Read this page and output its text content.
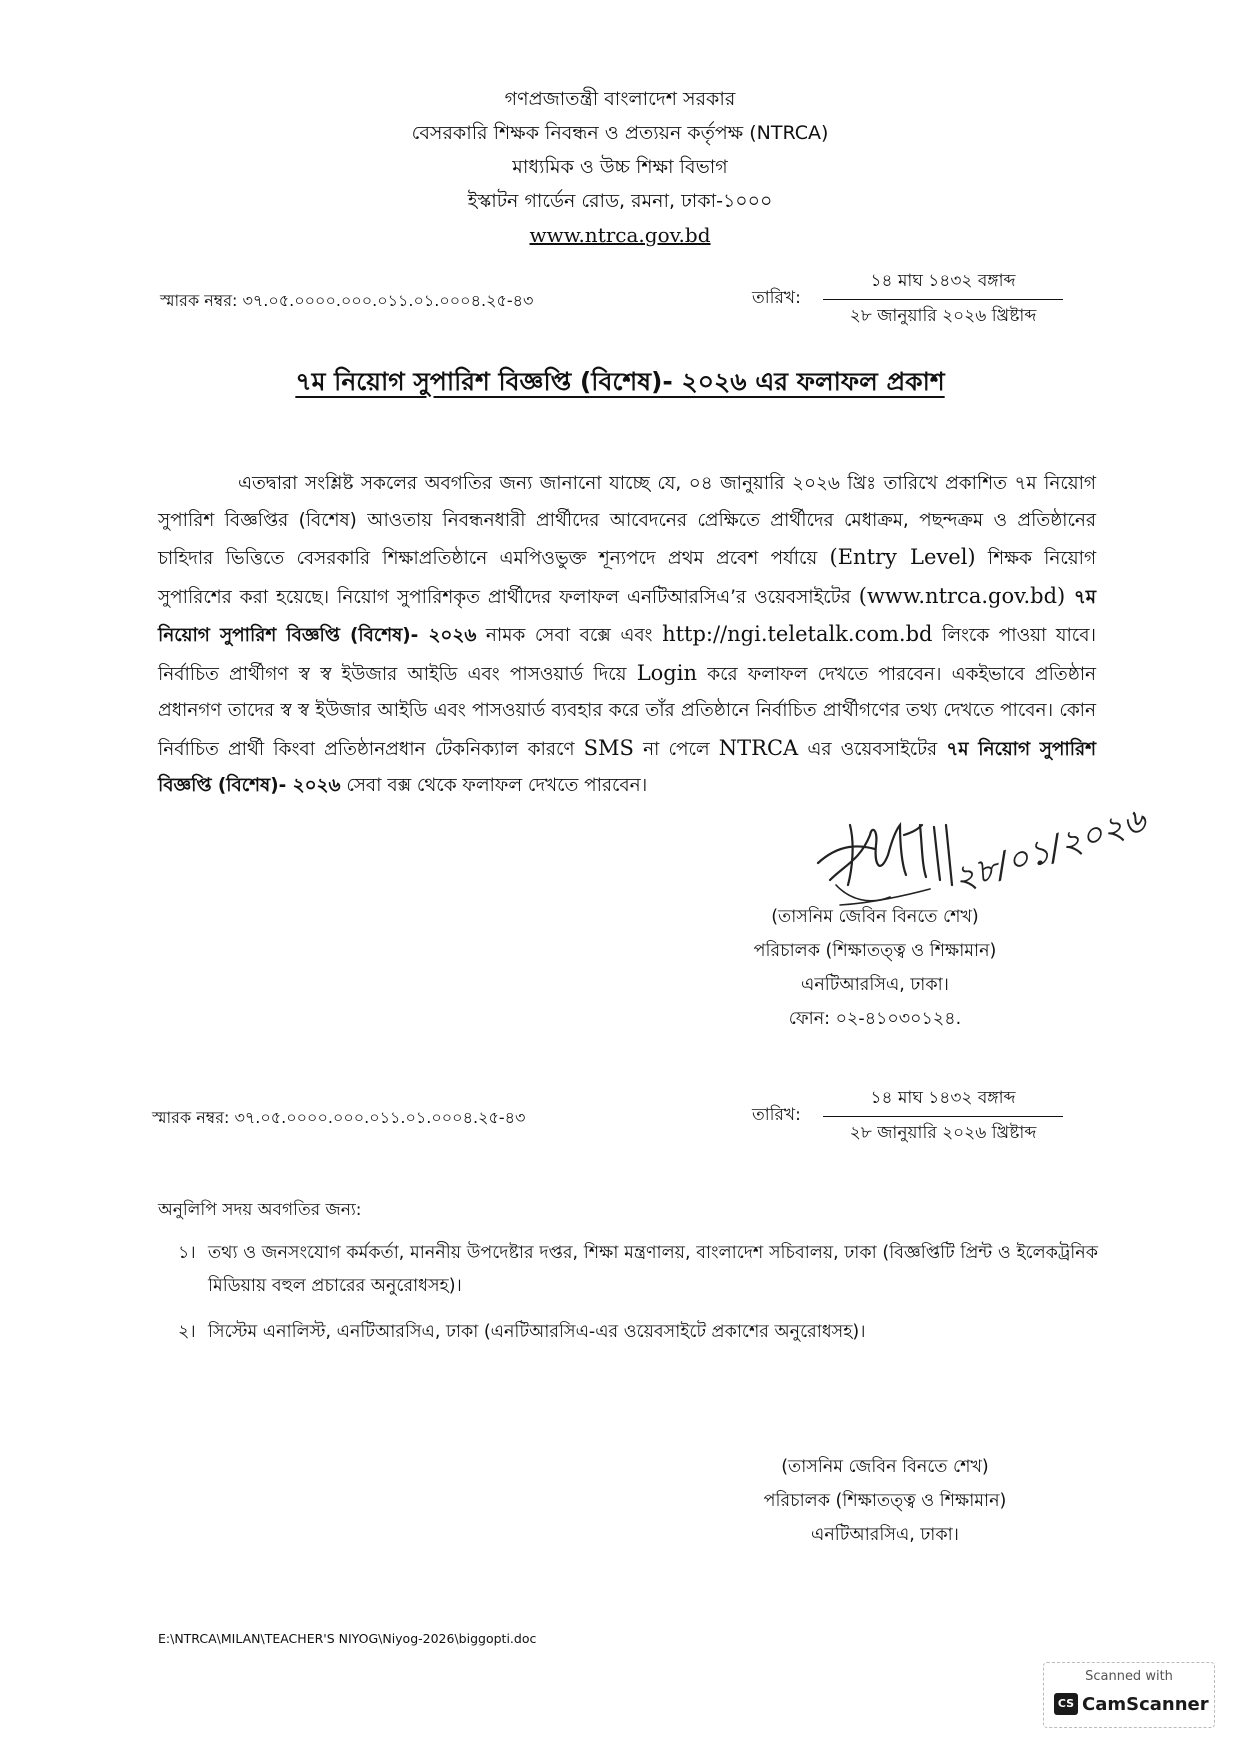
গণপ্রজাতন্ত্রী বাংলাদেশ সরকার
বেসরকারি শিক্ষক নিবন্ধন ও প্রত্যয়ন কর্তৃপক্ষ (NTRCA)
মাধ্যমিক ও উচ্চ শিক্ষা বিভাগ
ইস্কাটন গার্ডেন রোড, রমনা, ঢাকা-১০০০
www.ntrca.gov.bd
স্মারক নম্বর: ৩৭.০৫.০০০০.০০০.০১১.০১.০০০৪.২৫-৪৩	তারিখ:
১৪ মাঘ ১৪৩২ বঙ্গাব্দ
২৮ জানুয়ারি ২০২৬ খ্রিষ্টাব্দ
৭ম নিয়োগ সুপারিশ বিজ্ঞপ্তি (বিশেষ)- ২০২৬ এর ফলাফল প্রকাশ
এতদ্বারা সংশ্লিষ্ট সকলের অবগতির জন্য জানানো যাচ্ছে যে, ০৪ জানুয়ারি ২০২৬ খ্রিঃ তারিখে প্রকাশিত ৭ম নিয়োগ সুপারিশ বিজ্ঞপ্তির (বিশেষ) আওতায় নিবন্ধনধারী প্রার্থীদের আবেদনের প্রেক্ষিতে প্রার্থীদের মেধাক্রম, পছন্দক্রম ও প্রতিষ্ঠানের চাহিদার ভিত্তিতে বেসরকারি শিক্ষাপ্রতিষ্ঠানে এমপিওভুক্ত শূন্যপদে প্রথম প্রবেশ পর্যায়ে (Entry Level) শিক্ষক নিয়োগ সুপারিশের করা হয়েছে। নিয়োগ সুপারিশকৃত প্রার্থীদের ফলাফল এনটিআরসিএ’র ওয়েবসাইটের (www.ntrca.gov.bd) ৭ম নিয়োগ সুপারিশ বিজ্ঞপ্তি (বিশেষ)- ২০২৬ নামক সেবা বক্সে এবং http://ngi.teletalk.com.bd লিংকে পাওয়া যাবে। নির্বাচিত প্রার্থীগণ স্ব স্ব ইউজার আইডি এবং পাসওয়ার্ড দিয়ে Login করে ফলাফল দেখতে পারবেন। একইভাবে প্রতিষ্ঠান প্রধানগণ তাদের স্ব স্ব ইউজার আইডি এবং পাসওয়ার্ড ব্যবহার করে তাঁর প্রতিষ্ঠানে নির্বাচিত প্রার্থীগণের তথ্য দেখতে পাবেন। কোন নির্বাচিত প্রার্থী কিংবা প্রতিষ্ঠানপ্রধান টেকনিক্যাল কারণে SMS না পেলে NTRCA এর ওয়েবসাইটের ৭ম নিয়োগ সুপারিশ বিজ্ঞপ্তি (বিশেষ)- ২০২৬ সেবা বক্স থেকে ফলাফল দেখতে পারবেন।
২৮/০১/২০২৬
(তাসনিম জেবিন বিনতে শেখ)
পরিচালক (শিক্ষাতত্ত্ব ও শিক্ষামান)
এনটিআরসিএ, ঢাকা।
ফোন: ০২-৪১০৩০১২৪.
স্মারক নম্বর: ৩৭.০৫.০০০০.০০০.০১১.০১.০০০৪.২৫-৪৩	তারিখ:
১৪ মাঘ ১৪৩২ বঙ্গাব্দ
২৮ জানুয়ারি ২০২৬ খ্রিষ্টাব্দ
অনুলিপি সদয় অবগতির জন্য:
১। তথ্য ও জনসংযোগ কর্মকর্তা, মাননীয় উপদেষ্টার দপ্তর, শিক্ষা মন্ত্রণালয়, বাংলাদেশ সচিবালয়, ঢাকা (বিজ্ঞপ্তিটি প্রিন্ট ও ইলেকট্রনিক মিডিয়ায় বহুল প্রচারের অনুরোধসহ)।
২। সিস্টেম এনালিস্ট, এনটিআরসিএ, ঢাকা (এনটিআরসিএ-এর ওয়েবসাইটে প্রকাশের অনুরোধসহ)।
(তাসনিম জেবিন বিনতে শেখ)
পরিচালক (শিক্ষাতত্ত্ব ও শিক্ষামান)
এনটিআরসিএ, ঢাকা।
E:\NTRCA\MILAN\TEACHER'S NIYOG\Niyog-2026\biggopti.doc
Scanned with
CS CamScanner
